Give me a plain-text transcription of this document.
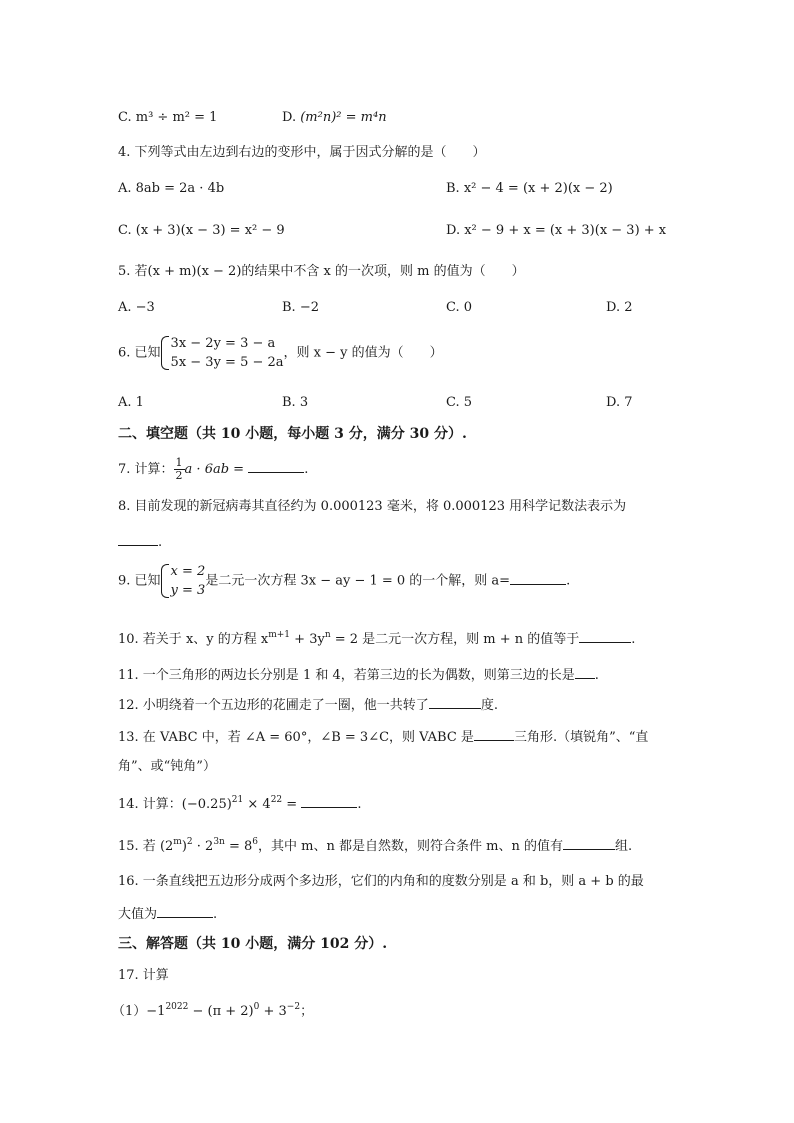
C. m³ ÷ m² = 1	D. (m²n)² = m⁴n
4. 下列等式由左边到右边的变形中，属于因式分解的是（　　）
A. 8ab = 2a · 4b	B. x² − 4 = (x + 2)(x − 2)
C. (x + 3)(x − 3) = x² − 9	D. x² − 9 + x = (x + 3)(x − 3) + x
5. 若(x + m)(x − 2)的结果中不含 x 的一次项，则 m 的值为（　　）
A. −3	B. −2	C. 0	D. 2
6. 已知
3x − 2y = 3 − a
5x − 3y = 5 − 2a
，则 x − y 的值为（　　）
A. 1	B. 3	C. 5	D. 7
二、填空题（共 10 小题，每小题 3 分，满分 30 分）.
7. 计算： $\frac{1}{2}$ a · 6ab =	.
8. 目前发现的新冠病毒其直径约为 0.000123 毫米，将 0.000123 用科学记数法表示为
.
9. 已知
x = 2
y = 3
是二元一次方程 3x − ay − 1 = 0 的一个解，则 a=	.
10. 若关于 x、y 的方程 $x^{m+1} + 3y^n = 2$ 是二元一次方程，则 m + n 的值等于	.
11. 一个三角形的两边长分别是 1 和 4，若第三边的长为偶数，则第三边的长是 .
12. 小明绕着一个五边形的花圃走了一圈，他一共转了	度.
13. 在 VABC 中，若 ∠A = 60°，∠B = 3∠C，则 VABC 是	三角形.（填锐角”、“直
角”、或“钝角”）
14. 计算：$(-0.25)^{21} \times 4^{22}$ =	.
15. 若 $(2^m)^2 \cdot 2^{3n} = 8^6$，其中 m、n 都是自然数，则符合条件 m、n 的值有	组.
16. 一条直线把五边形分成两个多边形，它们的内角和的度数分别是 a 和 b，则 a + b 的最
大值为	.
三、解答题（共 10 小题，满分 102 分）.
17. 计算
$(1)-1^{2022} - (\pi + 2)^0 + 3^{-2}$；
